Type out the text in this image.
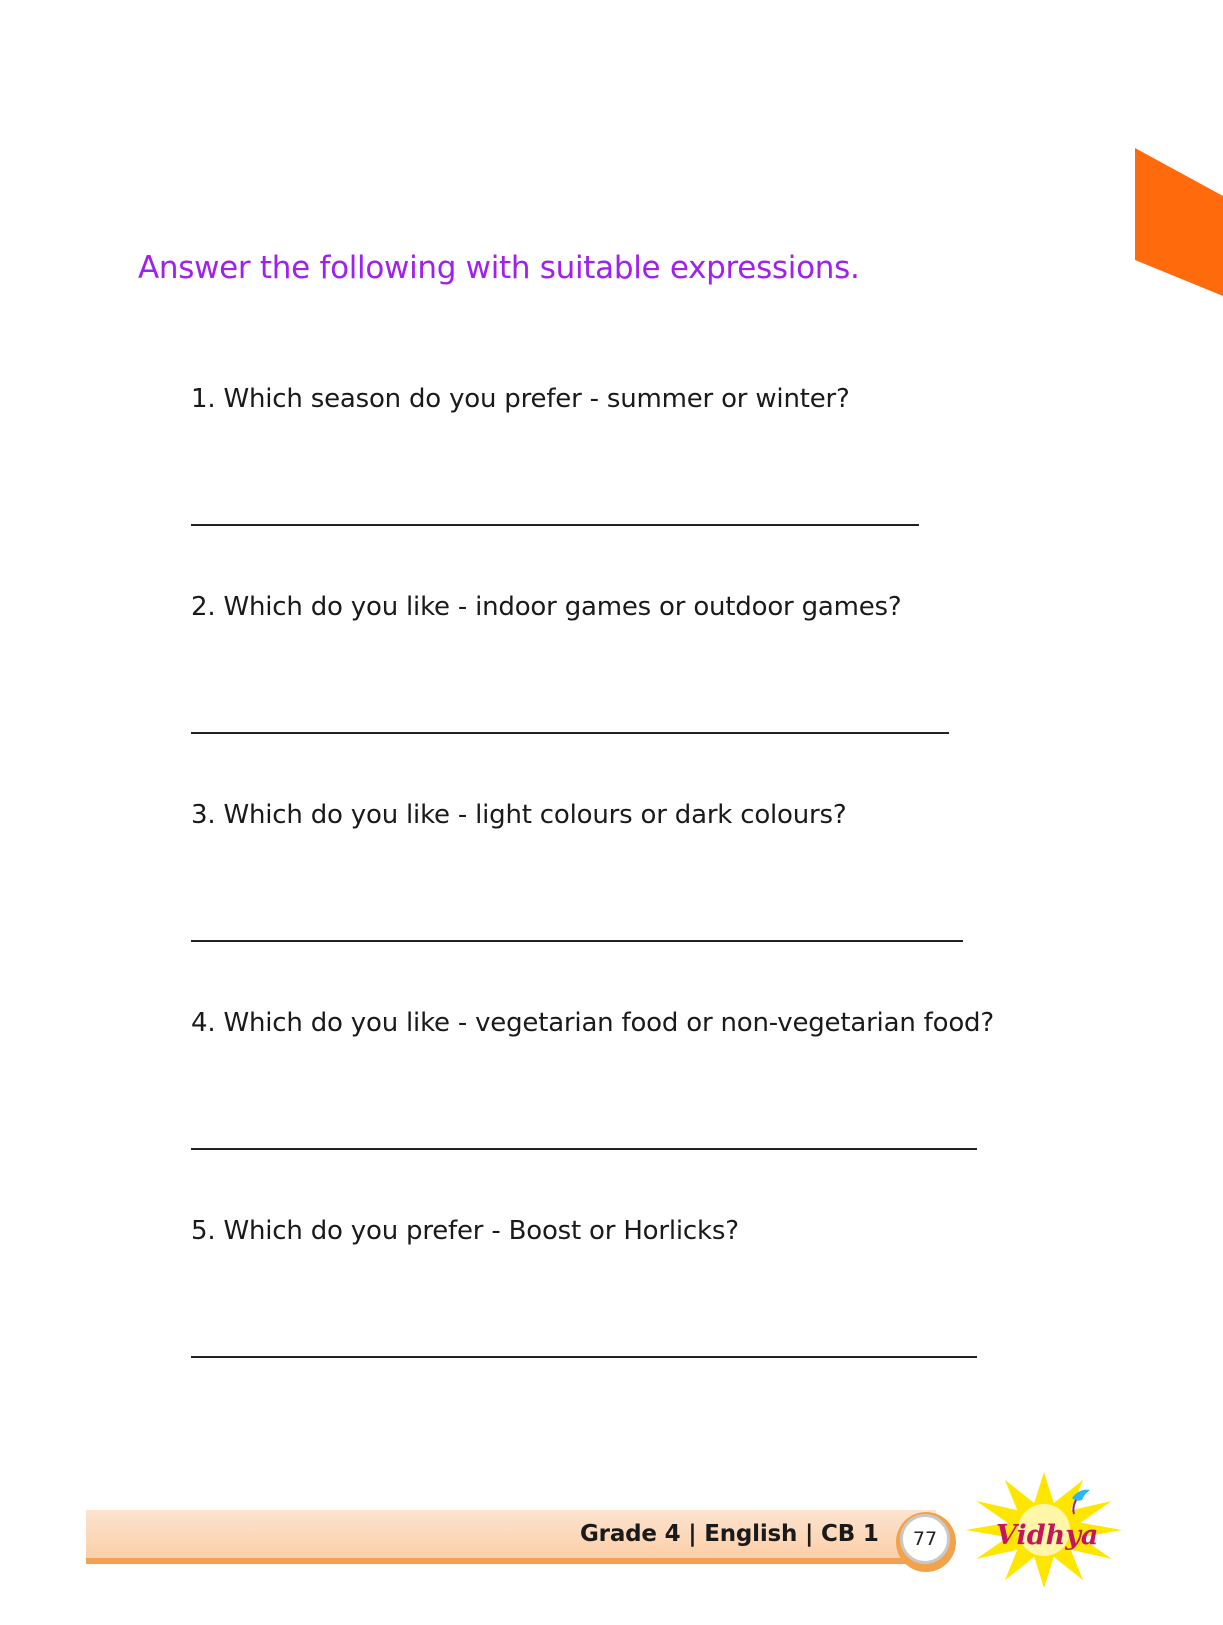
Answer the following with suitable expressions.
1. Which season do you prefer - summer or winter?
2. Which do you like - indoor games or outdoor games?
3. Which do you like - light colours or dark colours?
4. Which do you like - vegetarian food or non-vegetarian food?
5. Which do you prefer - Boost or Horlicks?
Grade 4 | English | CB 1 77 Vidhya
